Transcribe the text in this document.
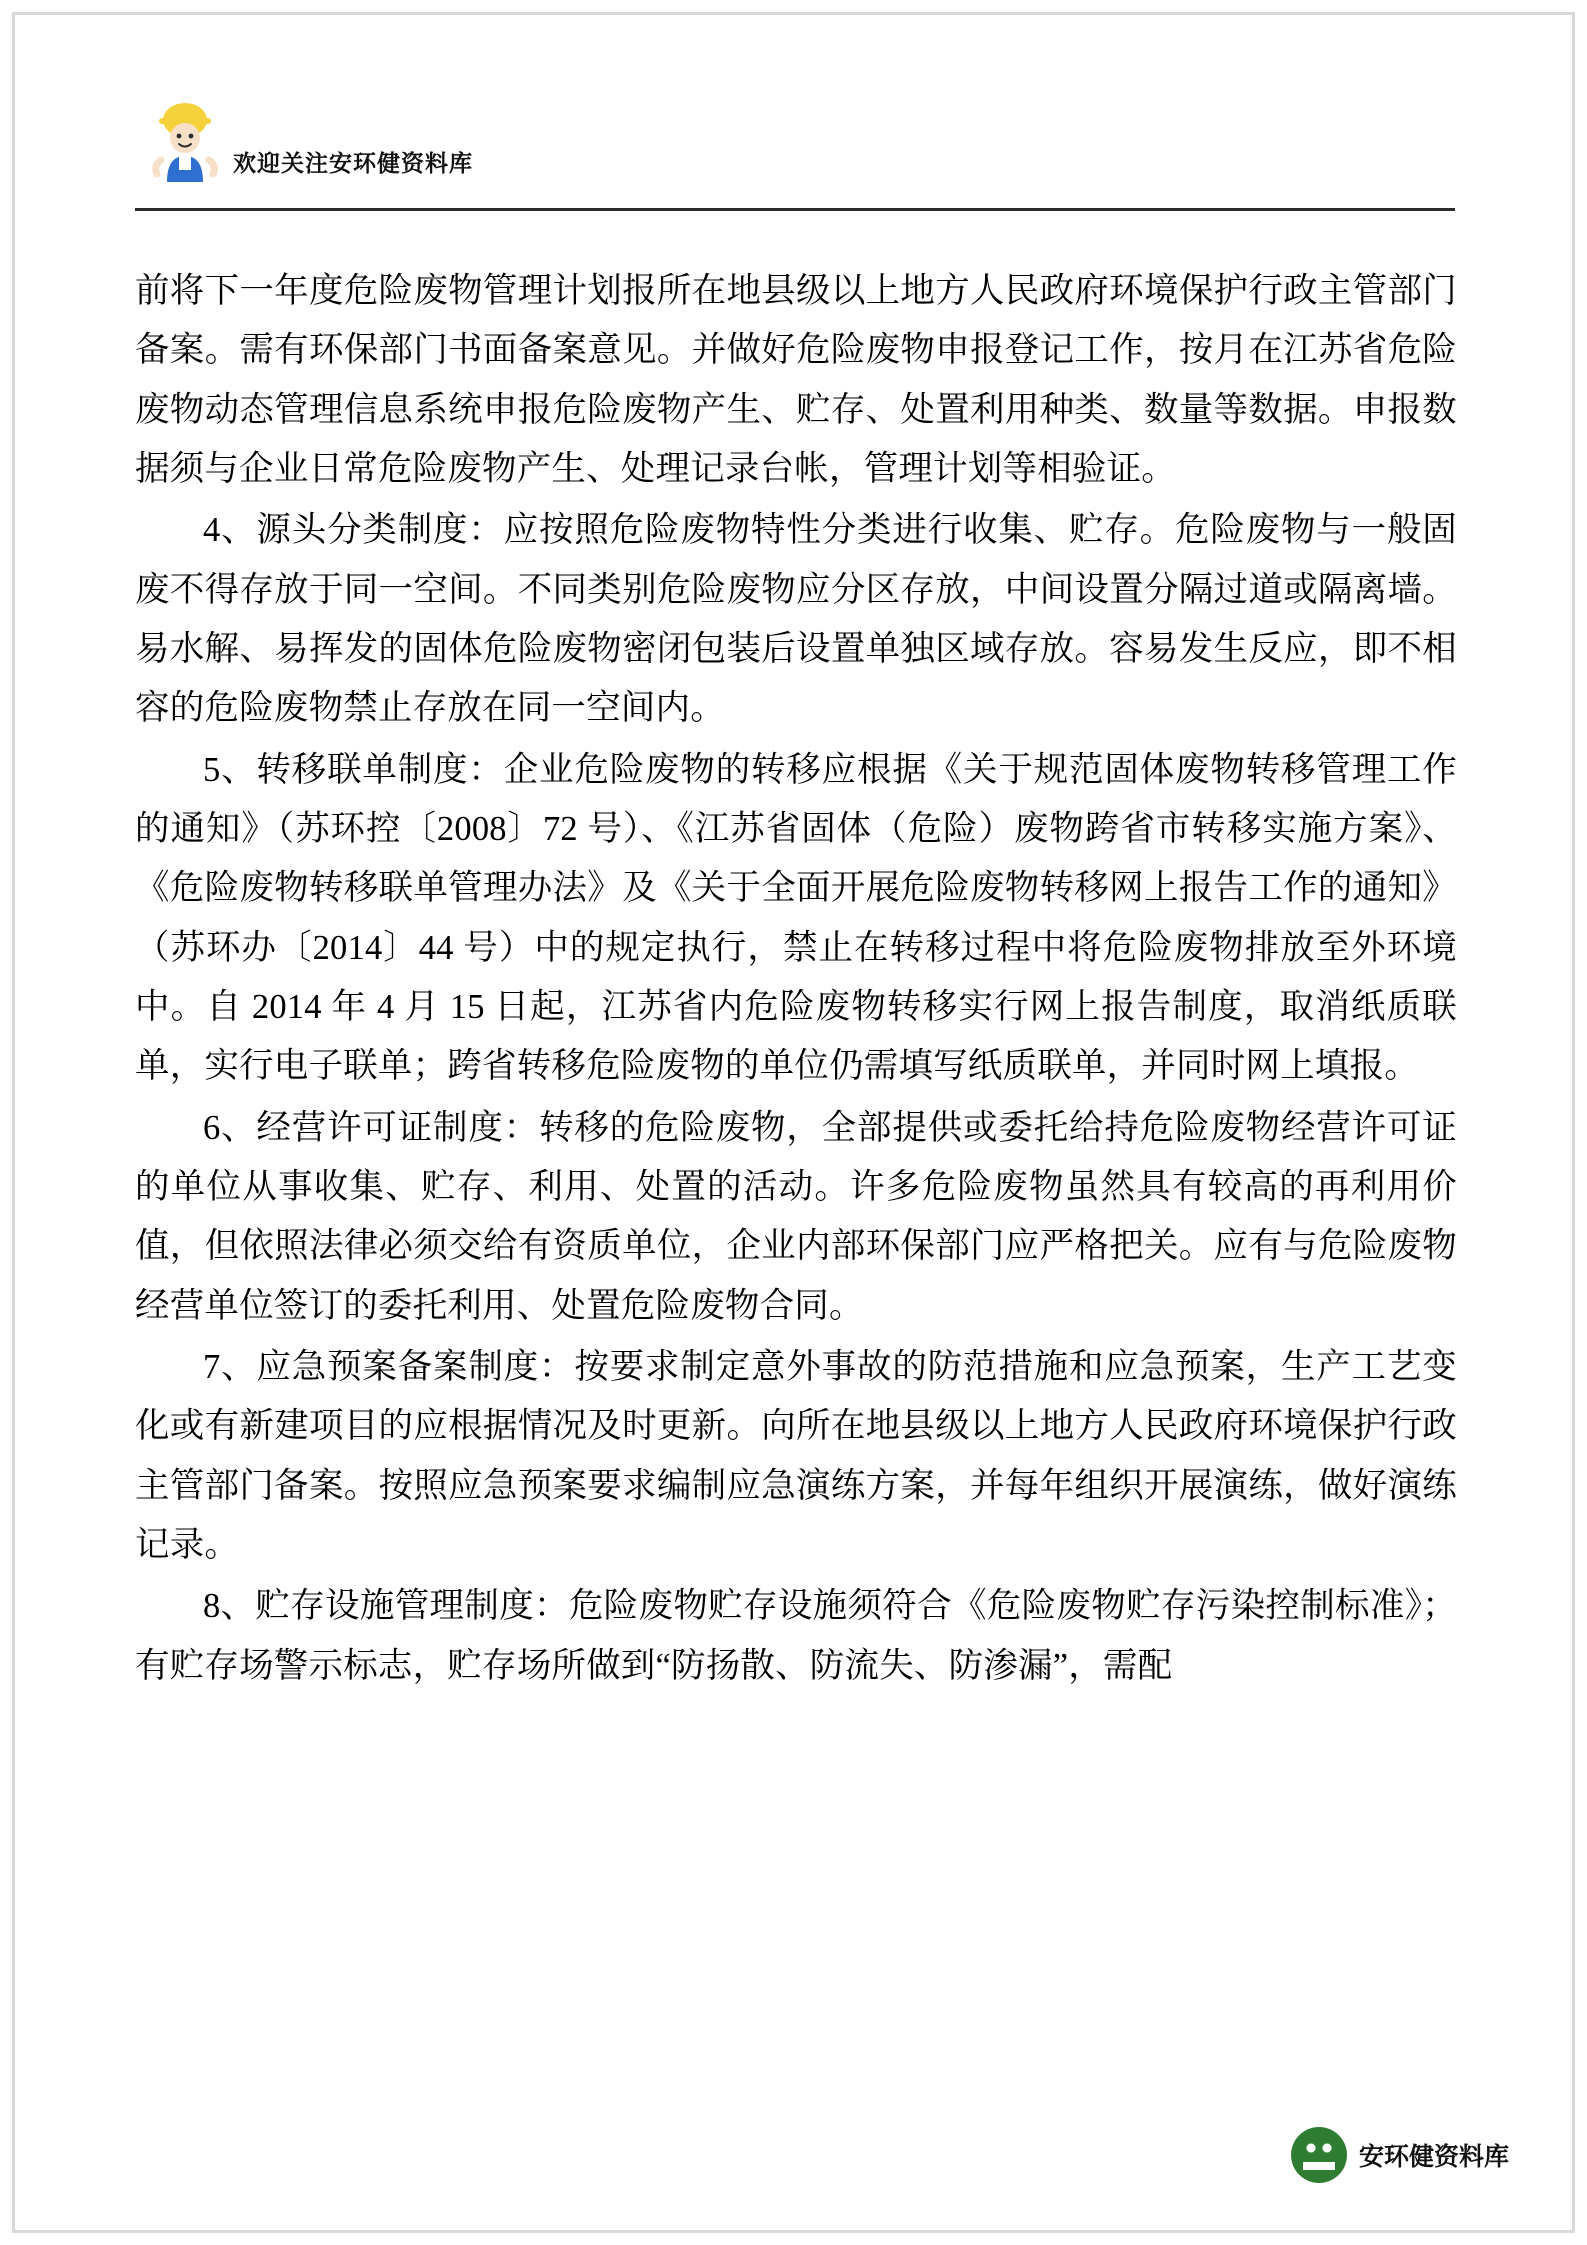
欢迎关注安环健资料库

前将下一年度危险废物管理计划报所在地县级以上地方人民政府环境保护行政主管部门备案。需有环保部门书面备案意见。并做好危险废物申报登记工作，按月在江苏省危险废物动态管理信息系统申报危险废物产生、贮存、处置利用种类、数量等数据。申报数据须与企业日常危险废物产生、处理记录台帐，管理计划等相验证。

4、源头分类制度：应按照危险废物特性分类进行收集、贮存。危险废物与一般固废不得存放于同一空间。不同类别危险废物应分区存放，中间设置分隔过道或隔离墙。易水解、易挥发的固体危险废物密闭包装后设置单独区域存放。容易发生反应，即不相容的危险废物禁止存放在同一空间内。

5、转移联单制度：企业危险废物的转移应根据《关于规范固体废物转移管理工作的通知》（苏环控〔2008〕72 号）、《江苏省固体（危险）废物跨省市转移实施方案》、《危险废物转移联单管理办法》及《关于全面开展危险废物转移网上报告工作的通知》（苏环办〔2014〕44 号）中的规定执行，禁止在转移过程中将危险废物排放至外环境中。自 2014 年 4 月 15 日起，江苏省内危险废物转移实行网上报告制度，取消纸质联单，实行电子联单；跨省转移危险废物的单位仍需填写纸质联单，并同时网上填报。

6、经营许可证制度：转移的危险废物，全部提供或委托给持危险废物经营许可证的单位从事收集、贮存、利用、处置的活动。许多危险废物虽然具有较高的再利用价值，但依照法律必须交给有资质单位，企业内部环保部门应严格把关。应有与危险废物经营单位签订的委托利用、处置危险废物合同。

7、应急预案备案制度：按要求制定意外事故的防范措施和应急预案，生产工艺变化或有新建项目的应根据情况及时更新。向所在地县级以上地方人民政府环境保护行政主管部门备案。按照应急预案要求编制应急演练方案，并每年组织开展演练，做好演练记录。

8、贮存设施管理制度：危险废物贮存设施须符合《危险废物贮存污染控制标准》；有贮存场警示标志，贮存场所做到“防扬散、防流失、防渗漏”，需配

安环健资料库
